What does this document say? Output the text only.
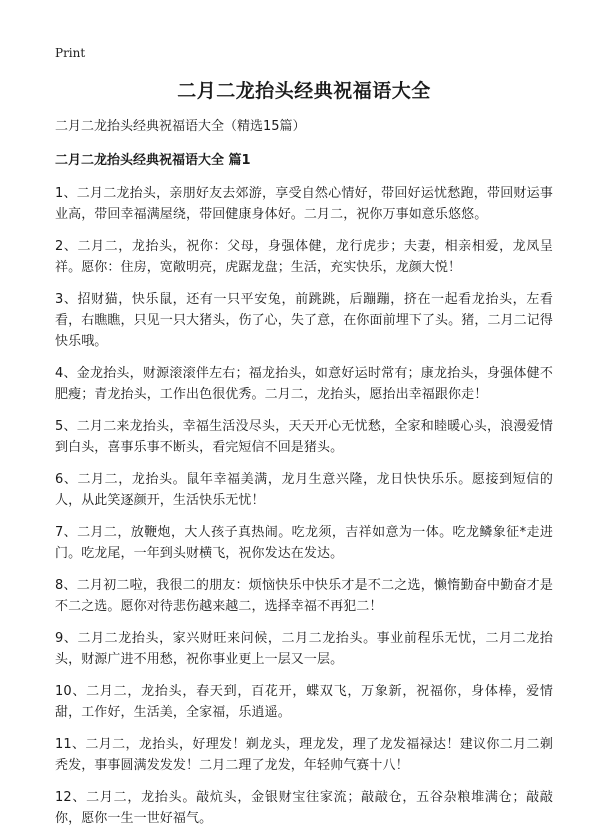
Print
二月二龙抬头经典祝福语大全
二月二龙抬头经典祝福语大全（精选15篇）
二月二龙抬头经典祝福语大全 篇1

1、二月二龙抬头，亲朋好友去郊游，享受自然心情好，带回好运忧愁跑，带回财运事业高，带回幸福满屋绕，带回健康身体好。二月二，祝你万事如意乐悠悠。

2、二月二，龙抬头，祝你：父母，身强体健，龙行虎步；夫妻，相亲相爱，龙凤呈祥。愿你：住房，宽敞明亮，虎踞龙盘；生活，充实快乐，龙颜大悦！

3、招财猫，快乐鼠，还有一只平安兔，前跳跳，后蹦蹦，挤在一起看龙抬头，左看看，右瞧瞧，只见一只大猪头，伤了心，失了意，在你面前埋下了头。猪，二月二记得快乐哦。

4、金龙抬头，财源滚滚伴左右；福龙抬头，如意好运时常有；康龙抬头，身强体健不肥瘦；青龙抬头，工作出色很优秀。二月二，龙抬头，愿抬出幸福跟你走！

5、二月二来龙抬头，幸福生活没尽头，天天开心无忧愁，全家和睦暖心头，浪漫爱情到白头，喜事乐事不断头，看完短信不回是猪头。

6、二月二，龙抬头。鼠年幸福美满，龙月生意兴隆，龙日快快乐乐。愿接到短信的人，从此笑逐颜开，生活快乐无忧！

7、二月二，放鞭炮，大人孩子真热闹。吃龙须，吉祥如意为一体。吃龙鳞象征*走进门。吃龙尾，一年到头财横飞，祝你发达在发达。

8、二月初二啦，我很二的朋友：烦恼快乐中快乐才是不二之选，懒惰勤奋中勤奋才是不二之选。愿你对待悲伤越来越二，选择幸福不再犯二！

9、二月二龙抬头，家兴财旺来问候，二月二龙抬头。事业前程乐无忧，二月二龙抬头，财源广进不用愁，祝你事业更上一层又一层。

10、二月二，龙抬头，春天到，百花开，蝶双飞，万象新，祝福你，身体棒，爱情甜，工作好，生活美，全家福，乐逍遥。

11、二月二，龙抬头，好理发！剃龙头，理龙发，理了龙发福禄达！建议你二月二剃秃发，事事圆满发发发！二月二理了龙发，年轻帅气赛十八！

12、二月二，龙抬头。敲炕头，金银财宝往家流；敲敲仓，五谷杂粮堆满仓；敲敲你，愿你一生一世好福气。
